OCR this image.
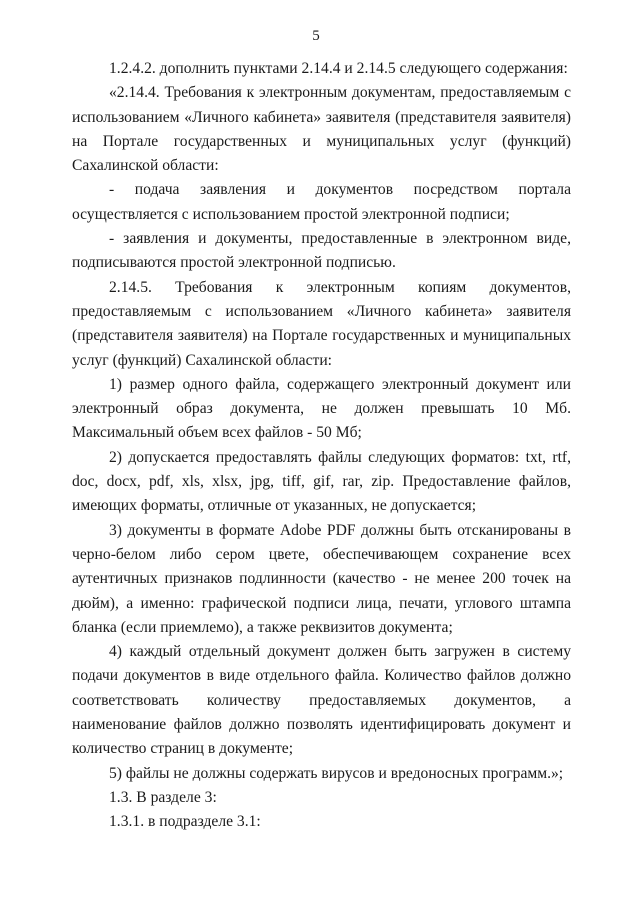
5

1.2.4.2. дополнить пунктами 2.14.4 и 2.14.5 следующего содержания:

«2.14.4. Требования к электронным документам, предоставляемым с использованием «Личного кабинета» заявителя (представителя заявителя) на Портале государственных и муниципальных услуг (функций) Сахалинской области:

- подача заявления и документов посредством портала осуществляется с использованием простой электронной подписи;

- заявления и документы, предоставленные в электронном виде, подписываются простой электронной подписью.

2.14.5. Требования к электронным копиям документов, предоставляемым с использованием «Личного кабинета» заявителя (представителя заявителя) на Портале государственных и муниципальных услуг (функций) Сахалинской области:

1) размер одного файла, содержащего электронный документ или электронный образ документа, не должен превышать 10 Мб. Максимальный объем всех файлов - 50 Мб;

2) допускается предоставлять файлы следующих форматов: txt, rtf, doc, docx, pdf, xls, xlsx, jpg, tiff, gif, rar, zip. Предоставление файлов, имеющих форматы, отличные от указанных, не допускается;

3) документы в формате Adobe PDF должны быть отсканированы в черно-белом либо сером цвете, обеспечивающем сохранение всех аутентичных признаков подлинности (качество - не менее 200 точек на дюйм), а именно: графической подписи лица, печати, углового штампа бланка (если приемлемо), а также реквизитов документа;

4) каждый отдельный документ должен быть загружен в систему подачи документов в виде отдельного файла. Количество файлов должно соответствовать количеству предоставляемых документов, а наименование файлов должно позволять идентифицировать документ и количество страниц в документе;

5) файлы не должны содержать вирусов и вредоносных программ.»;

1.3. В разделе 3:

1.3.1. в подразделе 3.1:
